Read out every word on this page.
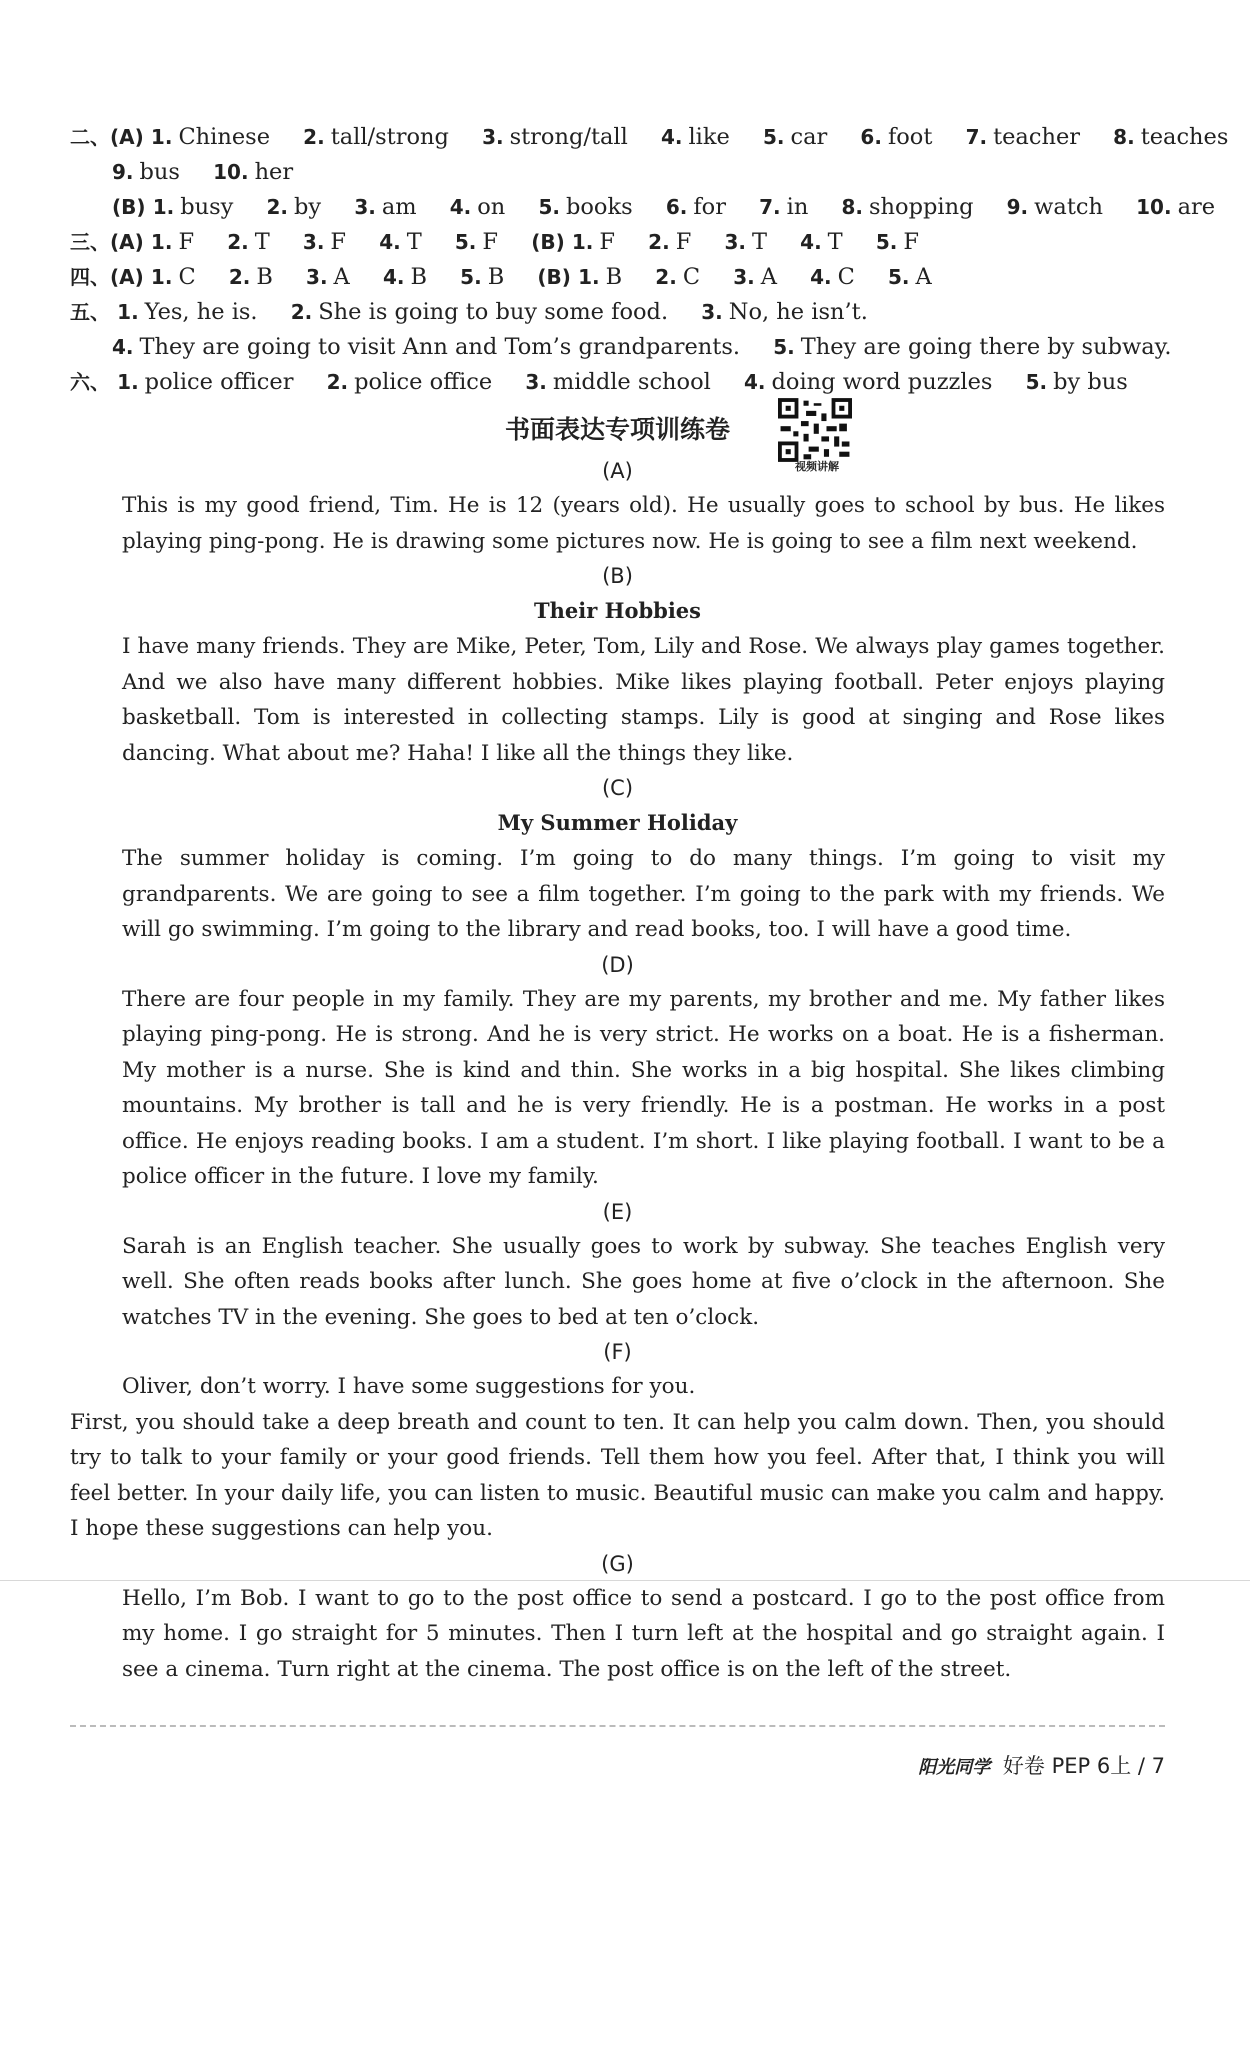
二、(A) 1. Chinese 2. tall/strong 3. strong/tall 4. like 5. car 6. foot 7. teacher 8. teaches
9. bus 10. her
(B) 1. busy 2. by 3. am 4. on 5. books 6. for 7. in 8. shopping 9. watch 10. are
三、(A) 1. F 2. T 3. F 4. T 5. F (B) 1. F 2. F 3. T 4. T 5. F
四、(A) 1. C 2. B 3. A 4. B 5. B (B) 1. B 2. C 3. A 4. C 5. A
五、 1. Yes, he is. 2. She is going to buy some food. 3. No, he isn’t.
4. They are going to visit Ann and Tom’s grandparents. 5. They are going there by subway.
六、 1. police officer 2. police office 3. middle school 4. doing word puzzles 5. by bus
书面表达专项训练卷
视频讲解
(A)
This is my good friend, Tim. He is 12 (years old). He usually goes to school by bus. He likes playing ping-pong. He is drawing some pictures now. He is going to see a film next weekend.
(B)
Their Hobbies
I have many friends. They are Mike, Peter, Tom, Lily and Rose. We always play games together. And we also have many different hobbies. Mike likes playing football. Peter enjoys playing basketball. Tom is interested in collecting stamps. Lily is good at singing and Rose likes dancing. What about me? Haha! I like all the things they like.
(C)
My Summer Holiday
The summer holiday is coming. I’m going to do many things. I’m going to visit my grandparents. We are going to see a film together. I’m going to the park with my friends. We will go swimming. I’m going to the library and read books, too. I will have a good time.
(D)
There are four people in my family. They are my parents, my brother and me. My father likes playing ping-pong. He is strong. And he is very strict. He works on a boat. He is a fisherman. My mother is a nurse. She is kind and thin. She works in a big hospital. She likes climbing mountains. My brother is tall and he is very friendly. He is a postman. He works in a post office. He enjoys reading books. I am a student. I’m short. I like playing football. I want to be a police officer in the future. I love my family.
(E)
Sarah is an English teacher. She usually goes to work by subway. She teaches English very well. She often reads books after lunch. She goes home at five o’clock in the afternoon. She watches TV in the evening. She goes to bed at ten o’clock.
(F)
Oliver, don’t worry. I have some suggestions for you.
First, you should take a deep breath and count to ten. It can help you calm down. Then, you should try to talk to your family or your good friends. Tell them how you feel. After that, I think you will feel better. In your daily life, you can listen to music. Beautiful music can make you calm and happy. I hope these suggestions can help you.
(G)
Hello, I’m Bob. I want to go to the post office to send a postcard. I go to the post office from my home. I go straight for 5 minutes. Then I turn left at the hospital and go straight again. I see a cinema. Turn right at the cinema. The post office is on the left of the street.
阳光同学 好卷 PEP 6上 / 7
